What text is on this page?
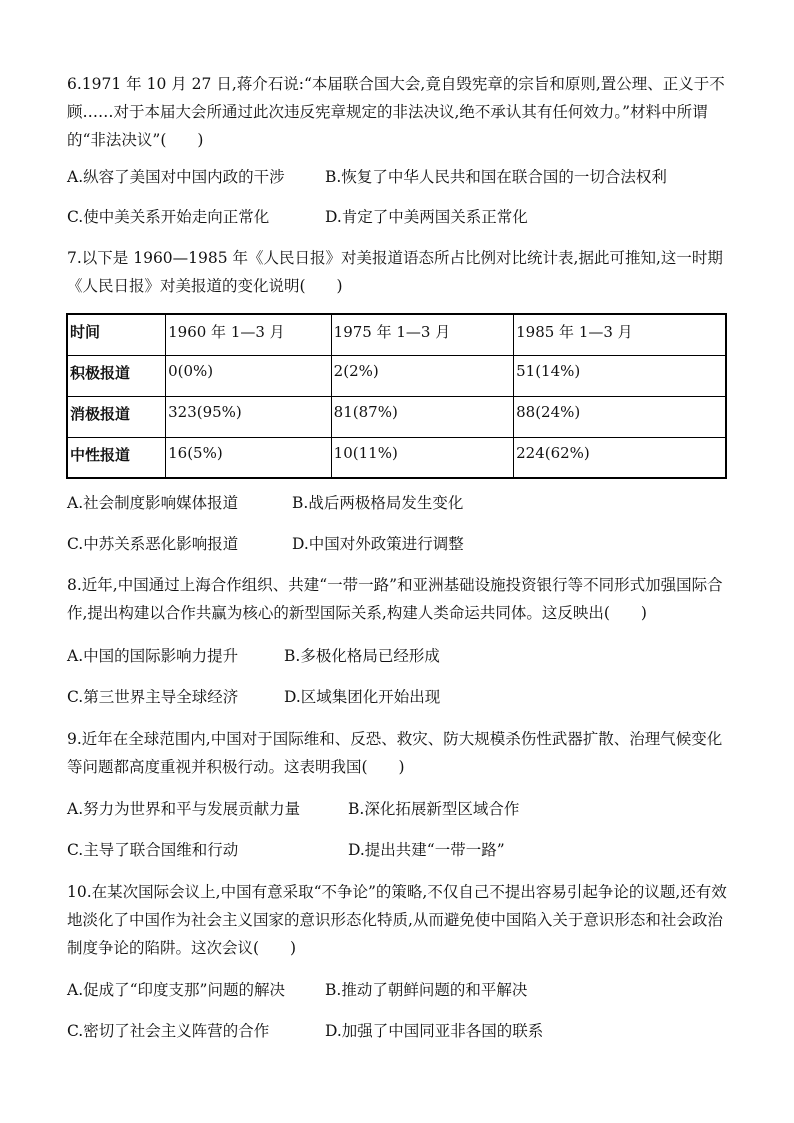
6.1971 年 10 月 27 日,蒋介石说:“本届联合国大会,竟自毁宪章的宗旨和原则,置公理、正义于不顾……对于本届大会所通过此次违反宪章规定的非法决议,绝不承认其有任何效力。”材料中所谓的“非法决议”(　　)
A.纵容了美国对中国内政的干涉	B.恢复了中华人民共和国在联合国的一切合法权利
C.使中美关系开始走向正常化	D.肯定了中美两国关系正常化
7.以下是 1960—1985 年《人民日报》对美报道语态所占比例对比统计表,据此可推知,这一时期《人民日报》对美报道的变化说明(　　)
时间	1960 年 1—3 月	1975 年 1—3 月	1985 年 1—3 月
积极报道	0(0%)	2(2%)	51(14%)
消极报道	323(95%)	81(87%)	88(24%)
中性报道	16(5%)	10(11%)	224(62%)
A.社会制度影响媒体报道	B.战后两极格局发生变化
C.中苏关系恶化影响报道	D.中国对外政策进行调整
8.近年,中国通过上海合作组织、共建“一带一路”和亚洲基础设施投资银行等不同形式加强国际合作,提出构建以合作共赢为核心的新型国际关系,构建人类命运共同体。这反映出(　　)
A.中国的国际影响力提升	B.多极化格局已经形成
C.第三世界主导全球经济	D.区域集团化开始出现
9.近年在全球范围内,中国对于国际维和、反恐、救灾、防大规模杀伤性武器扩散、治理气候变化等问题都高度重视并积极行动。这表明我国(　　)
A.努力为世界和平与发展贡献力量	B.深化拓展新型区域合作
C.主导了联合国维和行动	D.提出共建“一带一路”
10.在某次国际会议上,中国有意采取“不争论”的策略,不仅自己不提出容易引起争论的议题,还有效地淡化了中国作为社会主义国家的意识形态化特质,从而避免使中国陷入关于意识形态和社会政治制度争论的陷阱。这次会议(　　)
A.促成了“印度支那”问题的解决	B.推动了朝鲜问题的和平解决
C.密切了社会主义阵营的合作	D.加强了中国同亚非各国的联系
